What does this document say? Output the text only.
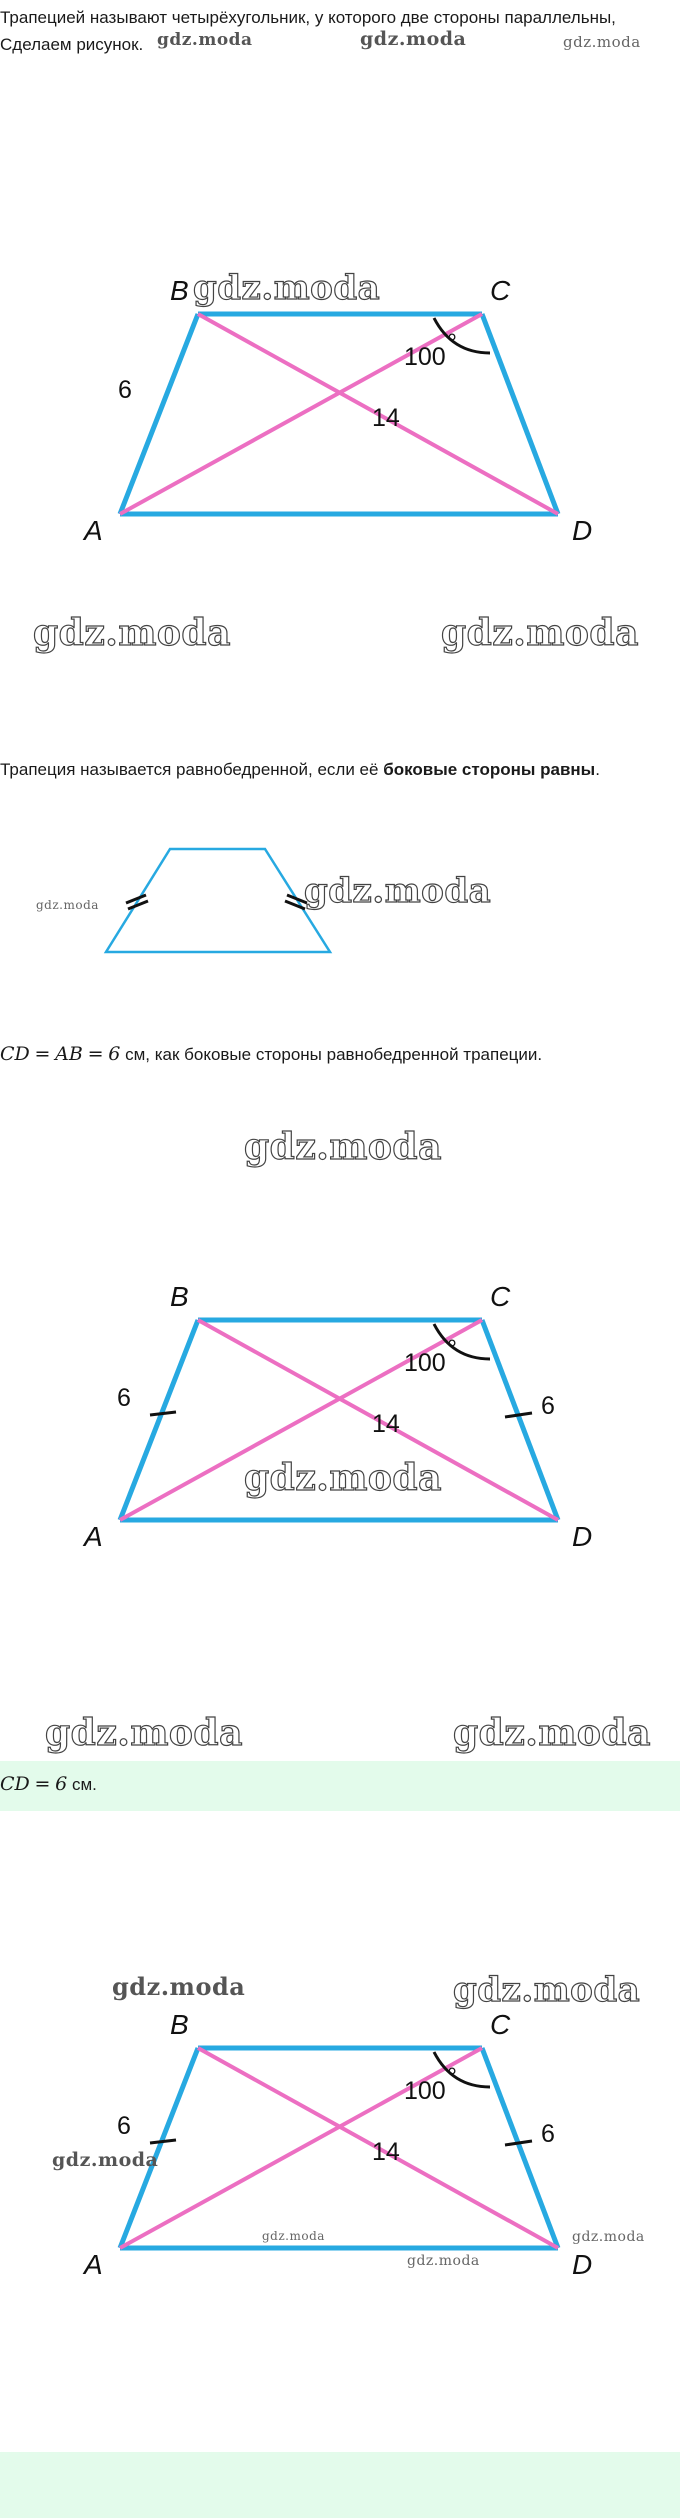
Трапецией называют четырёхугольник, у которого две стороны параллельны,

Сделаем рисунок. gdz.moda	gdz.moda	gdz.moda
B	C
A	D
6
14
100 °
gdz.moda
gdz.moda	gdz.moda

Трапеция называется равнобедренной, если её боковые стороны равны.

gdz.moda	gdz.moda

CD = AB = 6 см, как боковые стороны равнобедренной трапеции.

gdz.moda
B	C
A	D
6	6
14
100 °
gdz.moda
gdz.moda	gdz.moda

CD = 6 см.

B	C
A	D
6	6
14
100 °
gdz.moda	gdz.moda
gdz.moda
gdz.moda	gdz.moda
gdz.moda
